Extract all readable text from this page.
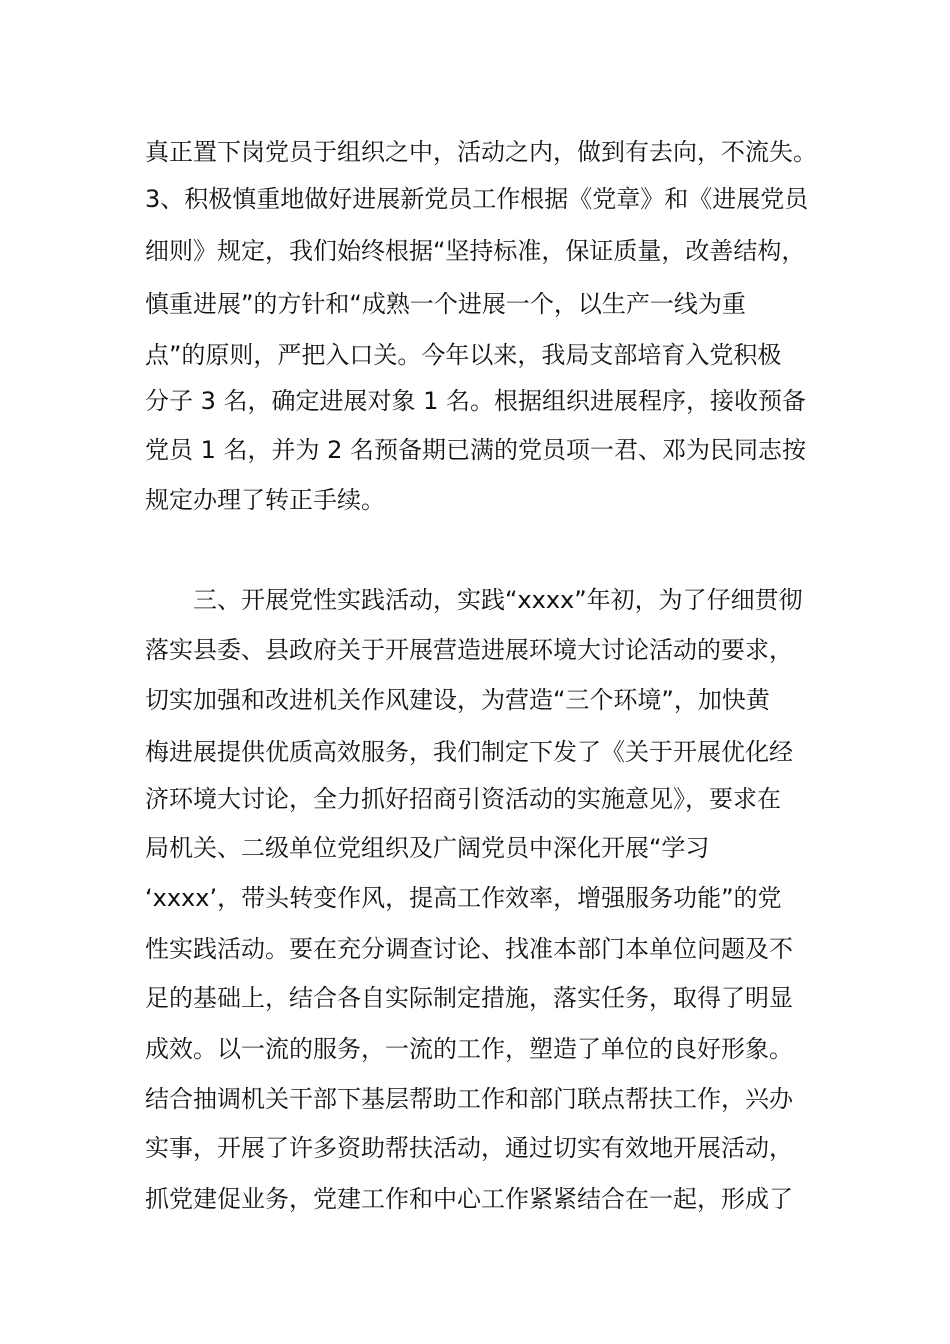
真正置下岗党员于组织之中，活动之内，做到有去向，不流失。
3、积极慎重地做好进展新党员工作根据《党章》和《进展党员
细则》规定，我们始终根据“坚持标准，保证质量，改善结构，
慎重进展”的方针和“成熟一个进展一个，以生产一线为重
点”的原则，严把入口关。今年以来，我局支部培育入党积极
分子 3 名，确定进展对象 1 名。根据组织进展程序，接收预备
党员 1 名，并为 2 名预备期已满的党员项一君、邓为民同志按
规定办理了转正手续。
三、开展党性实践活动，实践“xxxx”年初，为了仔细贯彻
落实县委、县政府关于开展营造进展环境大讨论活动的要求，
切实加强和改进机关作风建设，为营造“三个环境”，加快黄
梅进展提供优质高效服务，我们制定下发了《关于开展优化经
济环境大讨论，全力抓好招商引资活动的实施意见》，要求在
局机关、二级单位党组织及广阔党员中深化开展“学习
‘xxxx’，带头转变作风，提高工作效率，增强服务功能”的党
性实践活动。要在充分调查讨论、找准本部门本单位问题及不
足的基础上，结合各自实际制定措施，落实任务，取得了明显
成效。以一流的服务，一流的工作，塑造了单位的良好形象。
结合抽调机关干部下基层帮助工作和部门联点帮扶工作，兴办
实事，开展了许多资助帮扶活动，通过切实有效地开展活动，
抓党建促业务，党建工作和中心工作紧紧结合在一起，形成了
